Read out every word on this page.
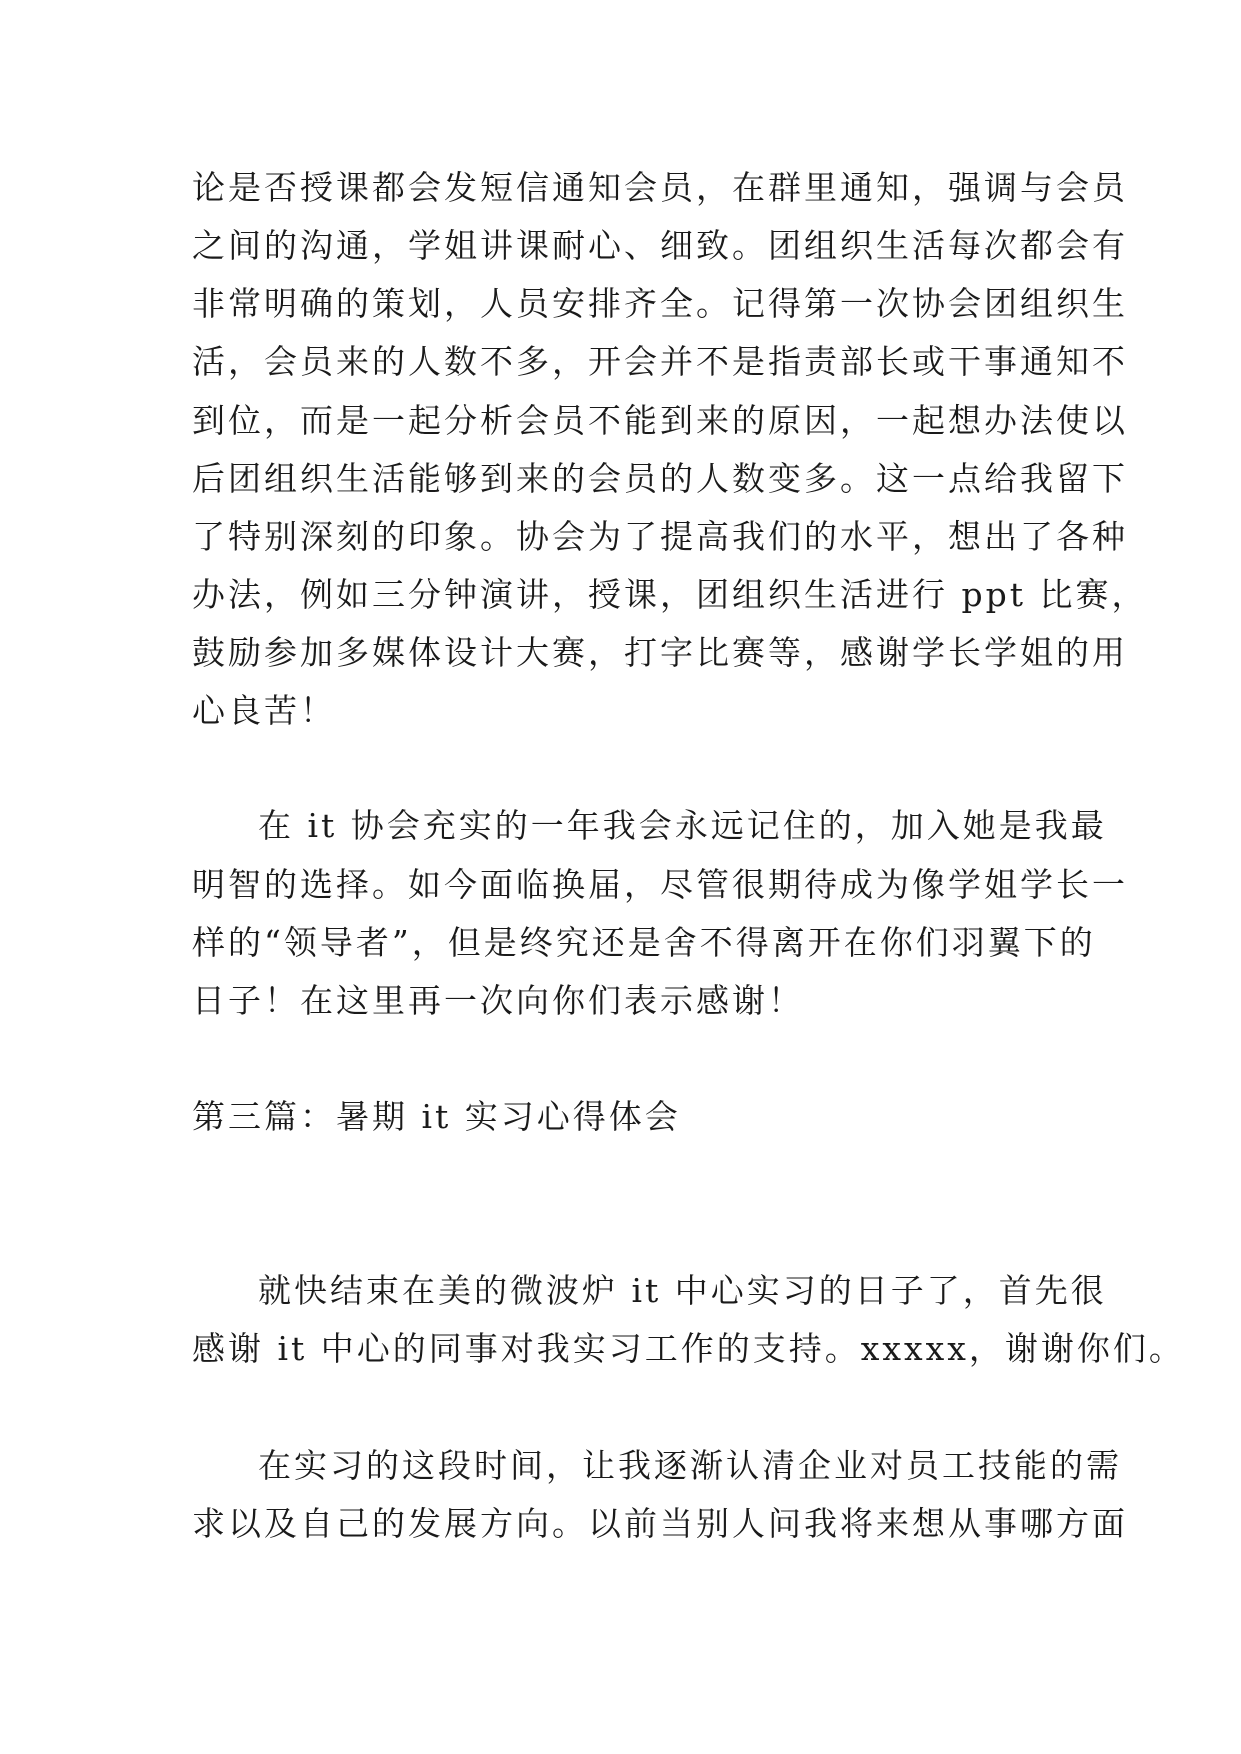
论是否授课都会发短信通知会员，在群里通知，强调与会员

之间的沟通，学姐讲课耐心、细致。团组织生活每次都会有

非常明确的策划，人员安排齐全。记得第一次协会团组织生

活，会员来的人数不多，开会并不是指责部长或干事通知不

到位，而是一起分析会员不能到来的原因，一起想办法使以

后团组织生活能够到来的会员的人数变多。这一点给我留下

了特别深刻的印象。协会为了提高我们的水平，想出了各种

办法，例如三分钟演讲，授课，团组织生活进行 ppt 比赛，

鼓励参加多媒体设计大赛，打字比赛等，感谢学长学姐的用

心良苦！

在 it 协会充实的一年我会永远记住的，加入她是我最

明智的选择。如今面临换届，尽管很期待成为像学姐学长一

样的“领导者”，但是终究还是舍不得离开在你们羽翼下的

日子！在这里再一次向你们表示感谢！

第三篇：暑期 it 实习心得体会

就快结束在美的微波炉 it 中心实习的日子了，首先很

感谢 it 中心的同事对我实习工作的支持。xxxxx，谢谢你们。

在实习的这段时间，让我逐渐认清企业对员工技能的需

求以及自己的发展方向。以前当别人问我将来想从事哪方面
